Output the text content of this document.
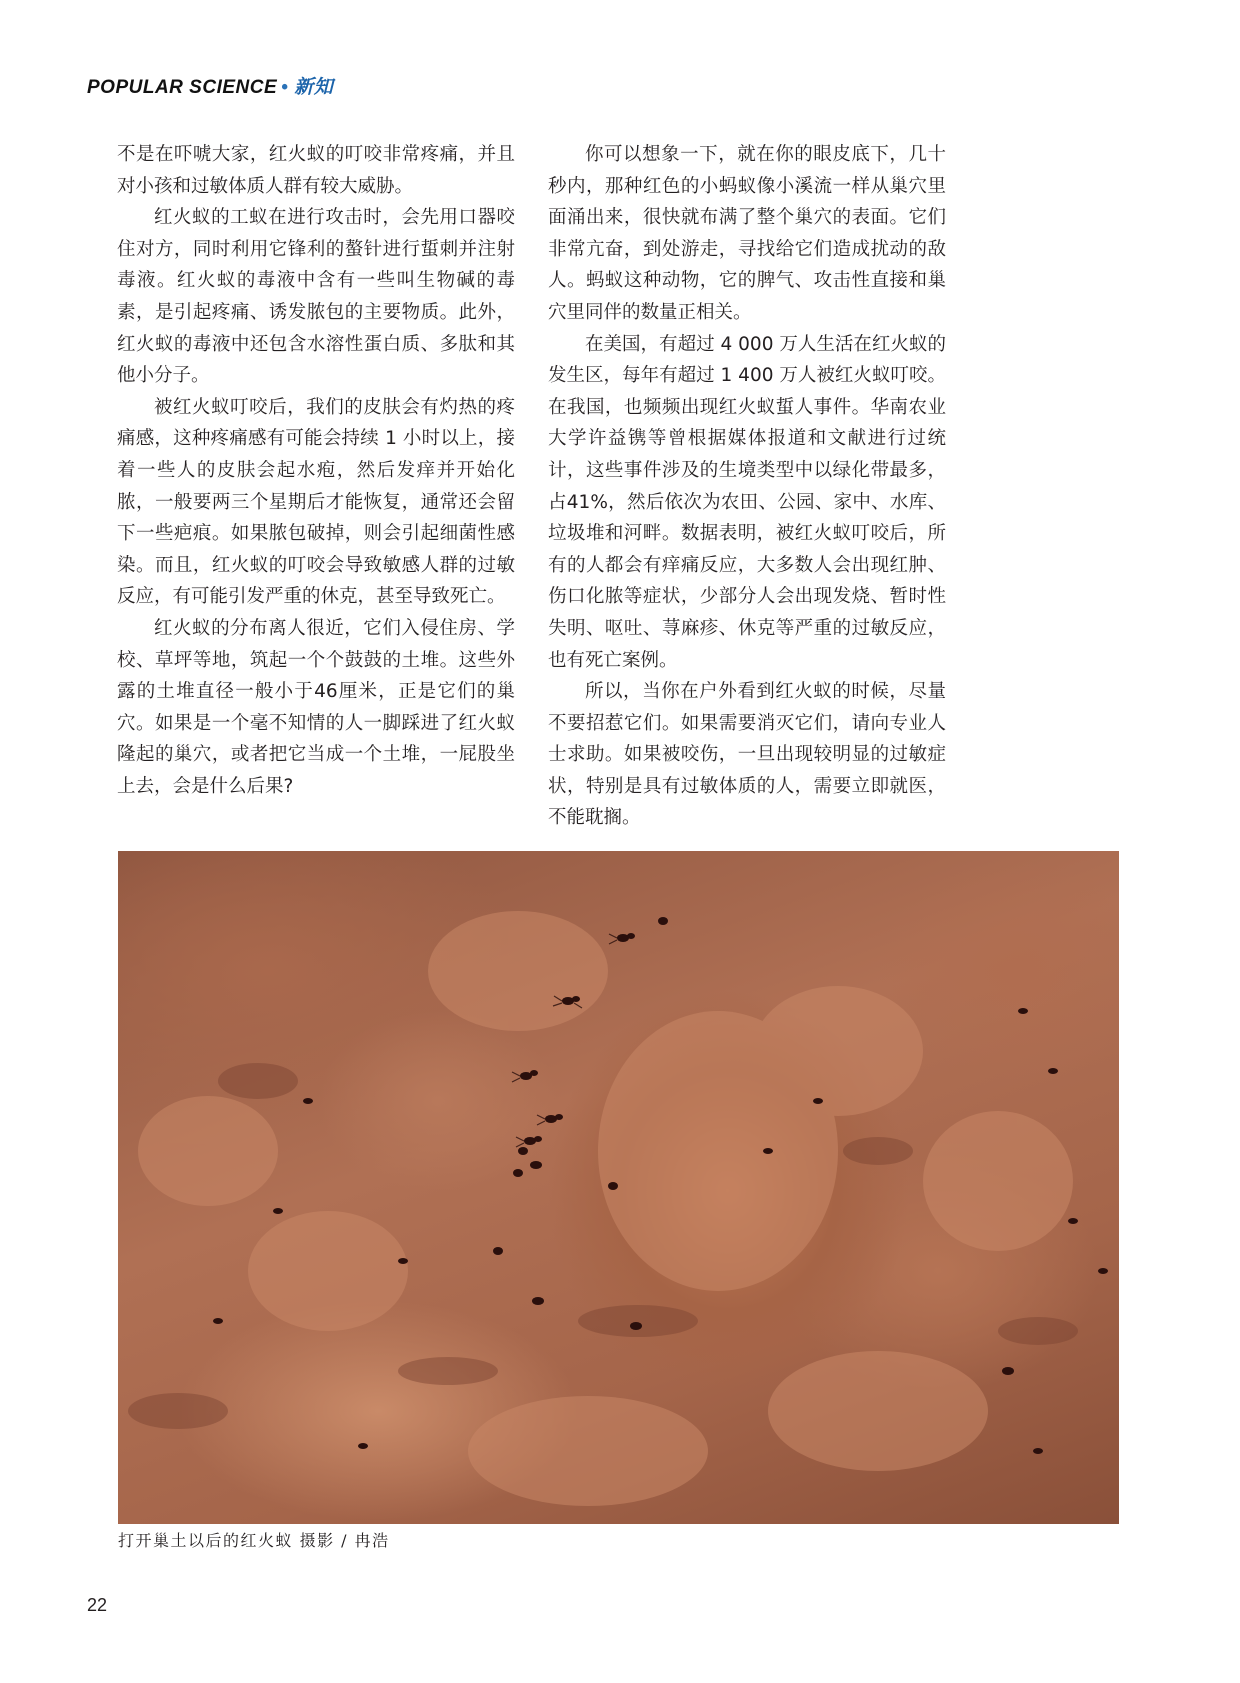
POPULAR SCIENCE • 新知

不是在吓唬大家，红火蚁的叮咬非常疼痛，并且对小孩和过敏体质人群有较大威胁。

红火蚁的工蚁在进行攻击时，会先用口器咬住对方，同时利用它锋利的螯针进行蜇刺并注射毒液。红火蚁的毒液中含有一些叫生物碱的毒素，是引起疼痛、诱发脓包的主要物质。此外，红火蚁的毒液中还包含水溶性蛋白质、多肽和其他小分子。

被红火蚁叮咬后，我们的皮肤会有灼热的疼痛感，这种疼痛感有可能会持续 1 小时以上，接着一些人的皮肤会起水疱，然后发痒并开始化脓，一般要两三个星期后才能恢复，通常还会留下一些疤痕。如果脓包破掉，则会引起细菌性感染。而且，红火蚁的叮咬会导致敏感人群的过敏反应，有可能引发严重的休克，甚至导致死亡。

红火蚁的分布离人很近，它们入侵住房、学校、草坪等地，筑起一个个鼓鼓的土堆。这些外露的土堆直径一般小于46厘米，正是它们的巢穴。如果是一个毫不知情的人一脚踩进了红火蚁隆起的巢穴，或者把它当成一个土堆，一屁股坐上去，会是什么后果?

你可以想象一下，就在你的眼皮底下，几十秒内，那种红色的小蚂蚁像小溪流一样从巢穴里面涌出来，很快就布满了整个巢穴的表面。它们非常亢奋，到处游走，寻找给它们造成扰动的敌人。蚂蚁这种动物，它的脾气、攻击性直接和巢穴里同伴的数量正相关。

在美国，有超过 4 000 万人生活在红火蚁的发生区，每年有超过 1 400 万人被红火蚁叮咬。在我国，也频频出现红火蚁蜇人事件。华南农业大学许益镌等曾根据媒体报道和文献进行过统计，这些事件涉及的生境类型中以绿化带最多，占41%，然后依次为农田、公园、家中、水库、垃圾堆和河畔。数据表明，被红火蚁叮咬后，所有的人都会有痒痛反应，大多数人会出现红肿、伤口化脓等症状，少部分人会出现发烧、暂时性失明、呕吐、荨麻疹、休克等严重的过敏反应，也有死亡案例。

所以，当你在户外看到红火蚁的时候，尽量不要招惹它们。如果需要消灭它们，请向专业人士求助。如果被咬伤，一旦出现较明显的过敏症状，特别是具有过敏体质的人，需要立即就医，不能耽搁。

打开巢土以后的红火蚁 摄影 / 冉浩
22
